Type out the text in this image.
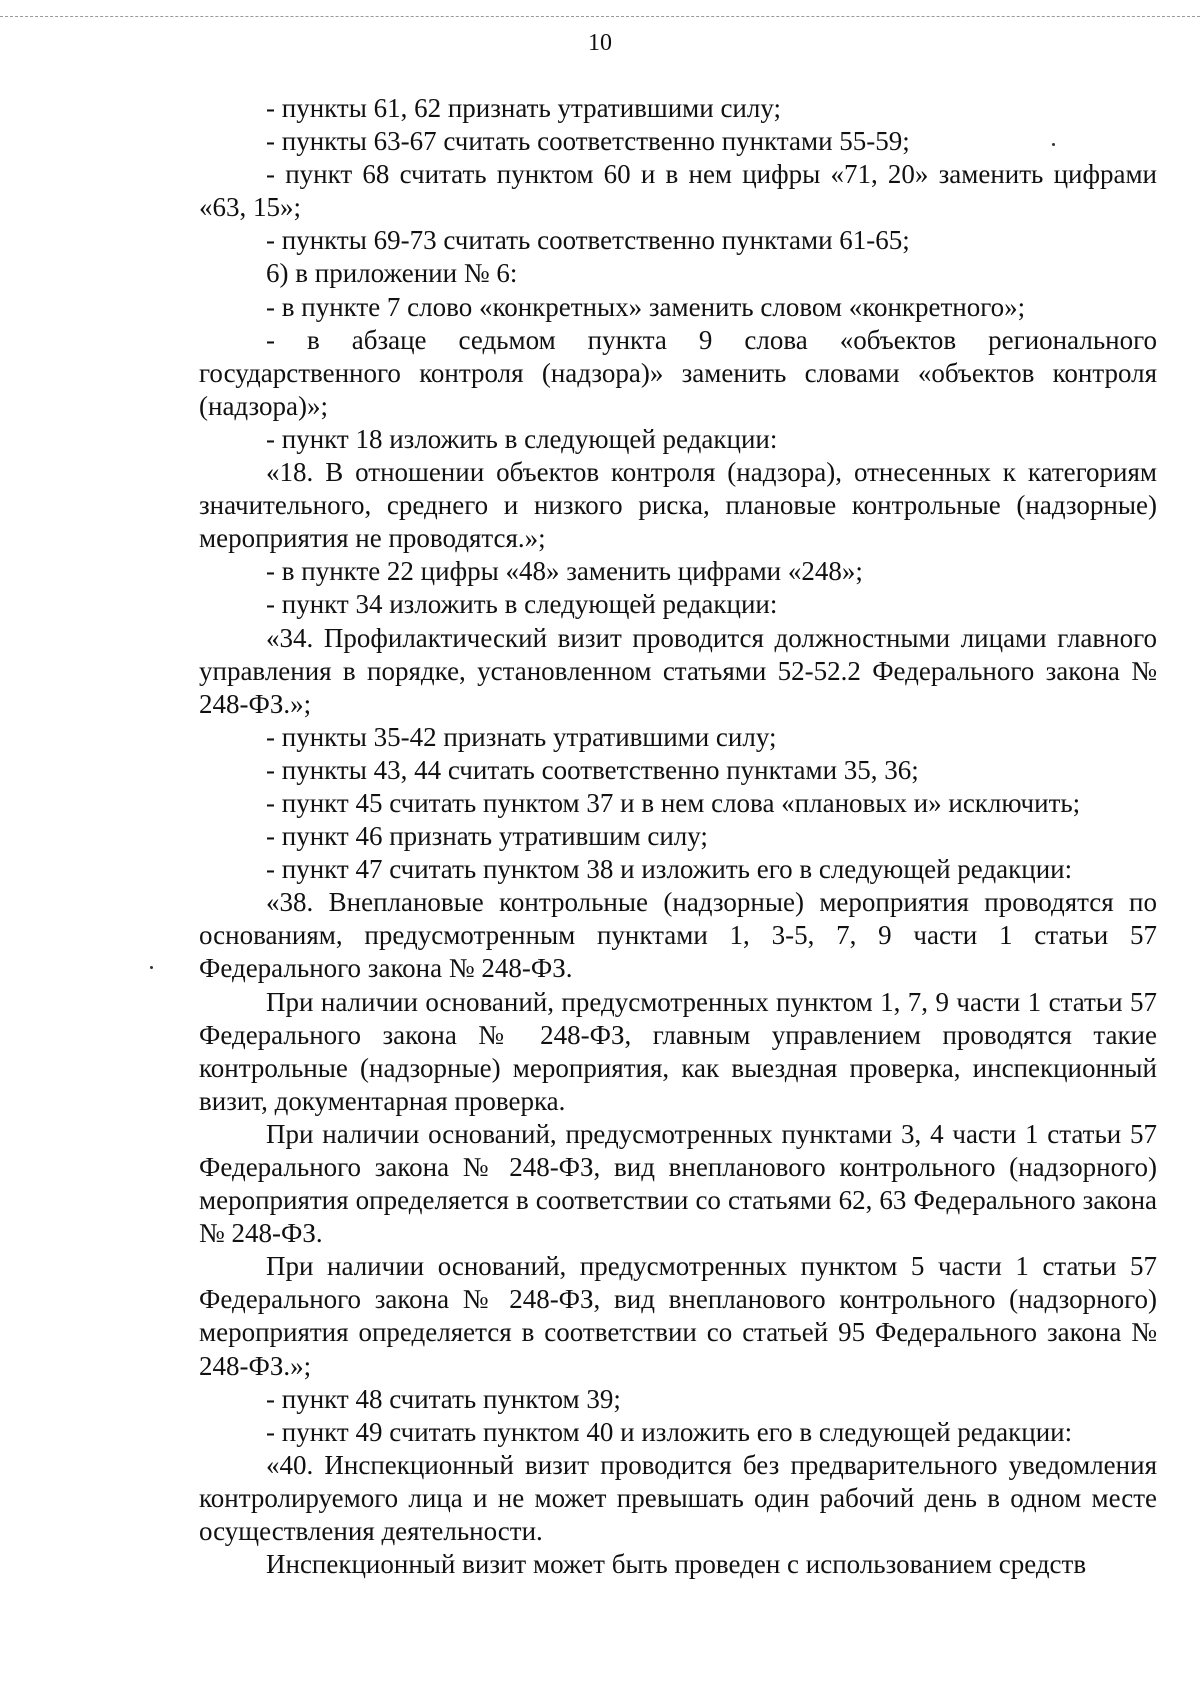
10

- пункты 61, 62 признать утратившими силу;

- пункты 63-67 считать соответственно пунктами 55-59;

- пункт 68 считать пунктом 60 и в нем цифры «71, 20» заменить цифрами «63, 15»;

- пункты 69-73 считать соответственно пунктами 61-65;

6) в приложении № 6:

- в пункте 7 слово «конкретных» заменить словом «конкретного»;

- в абзаце седьмом пункта 9 слова «объектов регионального государственного контроля (надзора)» заменить словами «объектов контроля (надзора)»;

- пункт 18 изложить в следующей редакции:

«18. В отношении объектов контроля (надзора), отнесенных к категориям значительного, среднего и низкого риска, плановые контрольные (надзорные) мероприятия не проводятся.»;

- в пункте 22 цифры «48» заменить цифрами «248»;

- пункт 34 изложить в следующей редакции:

«34. Профилактический визит проводится должностными лицами главного управления в порядке, установленном статьями 52-52.2 Федерального закона № 248-ФЗ.»;

- пункты 35-42 признать утратившими силу;

- пункты 43, 44 считать соответственно пунктами 35, 36;

- пункт 45 считать пунктом 37 и в нем слова «плановых и» исключить;

- пункт 46 признать утратившим силу;

- пункт 47 считать пунктом 38 и изложить его в следующей редакции:

«38. Внеплановые контрольные (надзорные) мероприятия проводятся по основаниям, предусмотренным пунктами 1, 3-5, 7, 9 части 1 статьи 57 Федерального закона № 248-ФЗ.

При наличии оснований, предусмотренных пунктом 1, 7, 9 части 1 статьи 57 Федерального закона № 248-ФЗ, главным управлением проводятся такие контрольные (надзорные) мероприятия, как выездная проверка, инспекционный визит, документарная проверка.

При наличии оснований, предусмотренных пунктами 3, 4 части 1 статьи 57 Федерального закона № 248-ФЗ, вид внепланового контрольного (надзорного) мероприятия определяется в соответствии со статьями 62, 63 Федерального закона № 248-ФЗ.

При наличии оснований, предусмотренных пунктом 5 части 1 статьи 57 Федерального закона № 248-ФЗ, вид внепланового контрольного (надзорного) мероприятия определяется в соответствии со статьей 95 Федерального закона № 248-ФЗ.»;

- пункт 48 считать пунктом 39;

- пункт 49 считать пунктом 40 и изложить его в следующей редакции:

«40. Инспекционный визит проводится без предварительного уведомления контролируемого лица и не может превышать один рабочий день в одном месте осуществления деятельности.

Инспекционный визит может быть проведен с использованием средств
